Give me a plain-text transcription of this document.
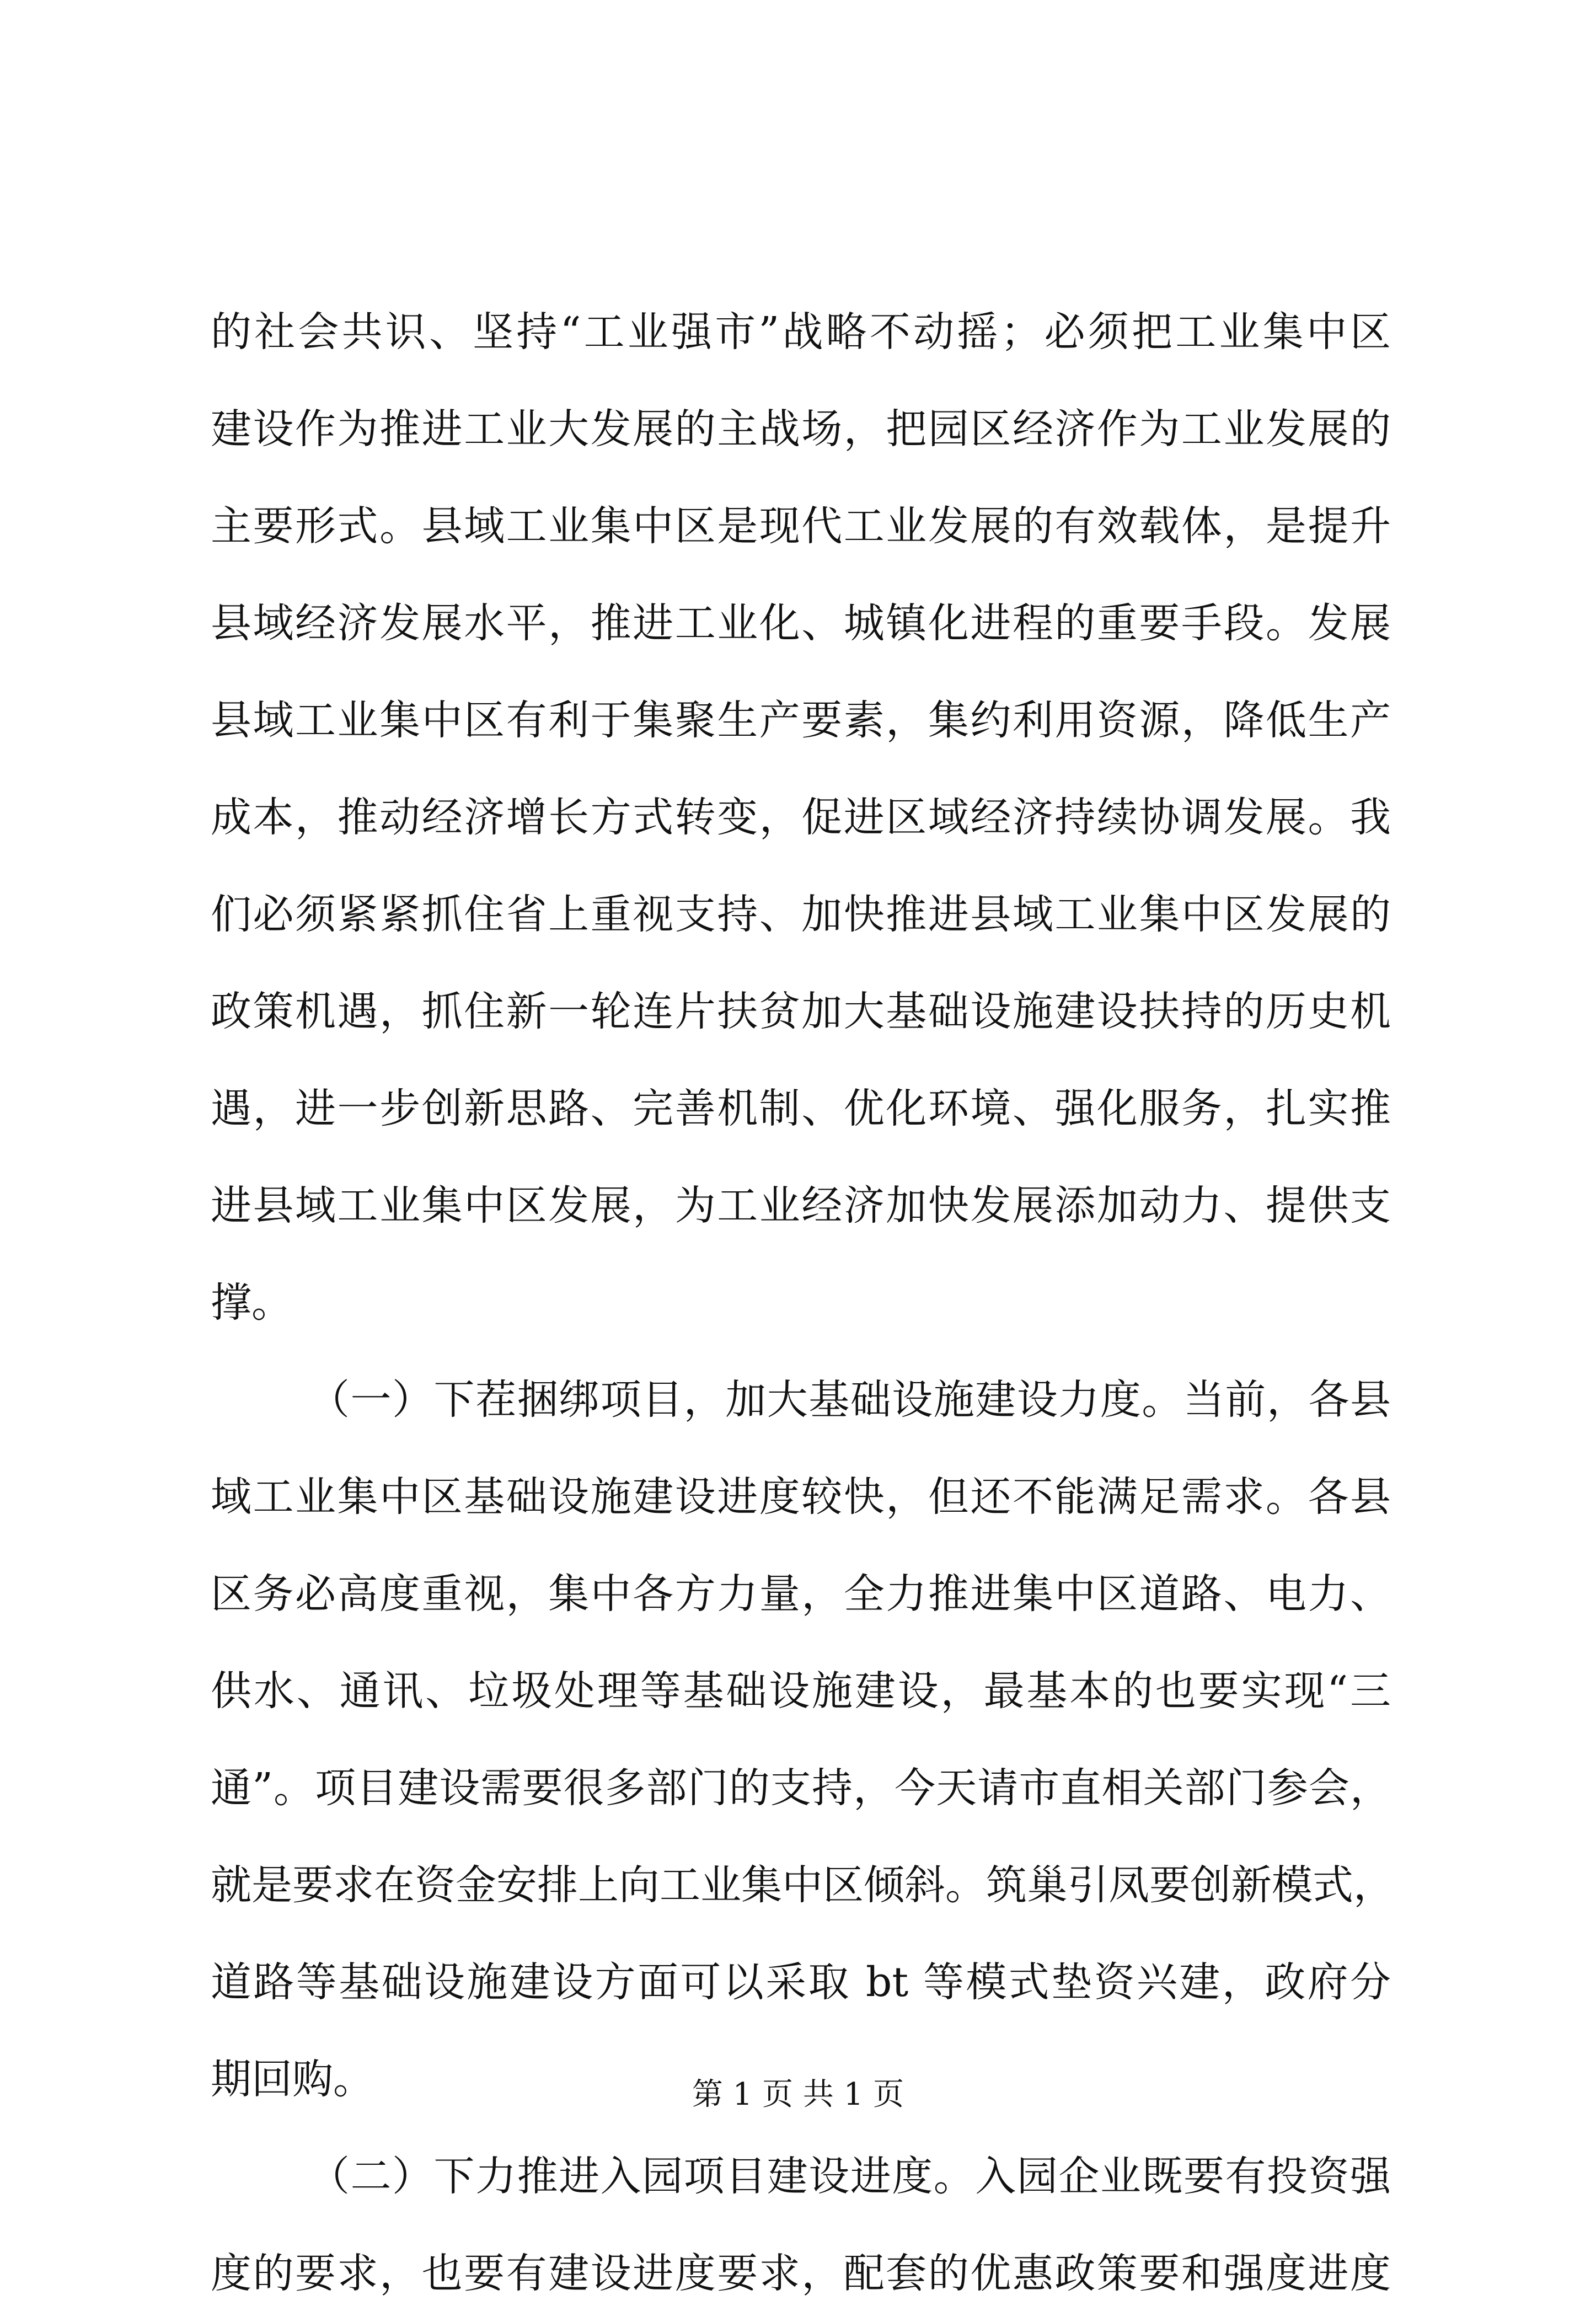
的社会共识、坚持“工业强市”战略不动摇；必须把工业集中区
建设作为推进工业大发展的主战场，把园区经济作为工业发展的
主要形式。县域工业集中区是现代工业发展的有效载体，是提升
县域经济发展水平，推进工业化、城镇化进程的重要手段。发展
县域工业集中区有利于集聚生产要素，集约利用资源，降低生产
成本，推动经济增长方式转变，促进区域经济持续协调发展。我
们必须紧紧抓住省上重视支持、加快推进县域工业集中区发展的
政策机遇，抓住新一轮连片扶贫加大基础设施建设扶持的历史机
遇，进一步创新思路、完善机制、优化环境、强化服务，扎实推
进县域工业集中区发展，为工业经济加快发展添加动力、提供支
撑。
（一）下茬捆绑项目，加大基础设施建设力度。当前，各县
域工业集中区基础设施建设进度较快，但还不能满足需求。各县
区务必高度重视，集中各方力量，全力推进集中区道路、电力、
供水、通讯、垃圾处理等基础设施建设，最基本的也要实现“三
通”。项目建设需要很多部门的支持，今天请市直相关部门参会，
就是要求在资金安排上向工业集中区倾斜。筑巢引凤要创新模式，
道路等基础设施建设方面可以采取 bt 等模式垫资兴建，政府分
期回购。
（二）下力推进入园项目建设进度。入园企业既要有投资强
度的要求，也要有建设进度要求，配套的优惠政策要和强度进度
第 1 页 共 1 页
